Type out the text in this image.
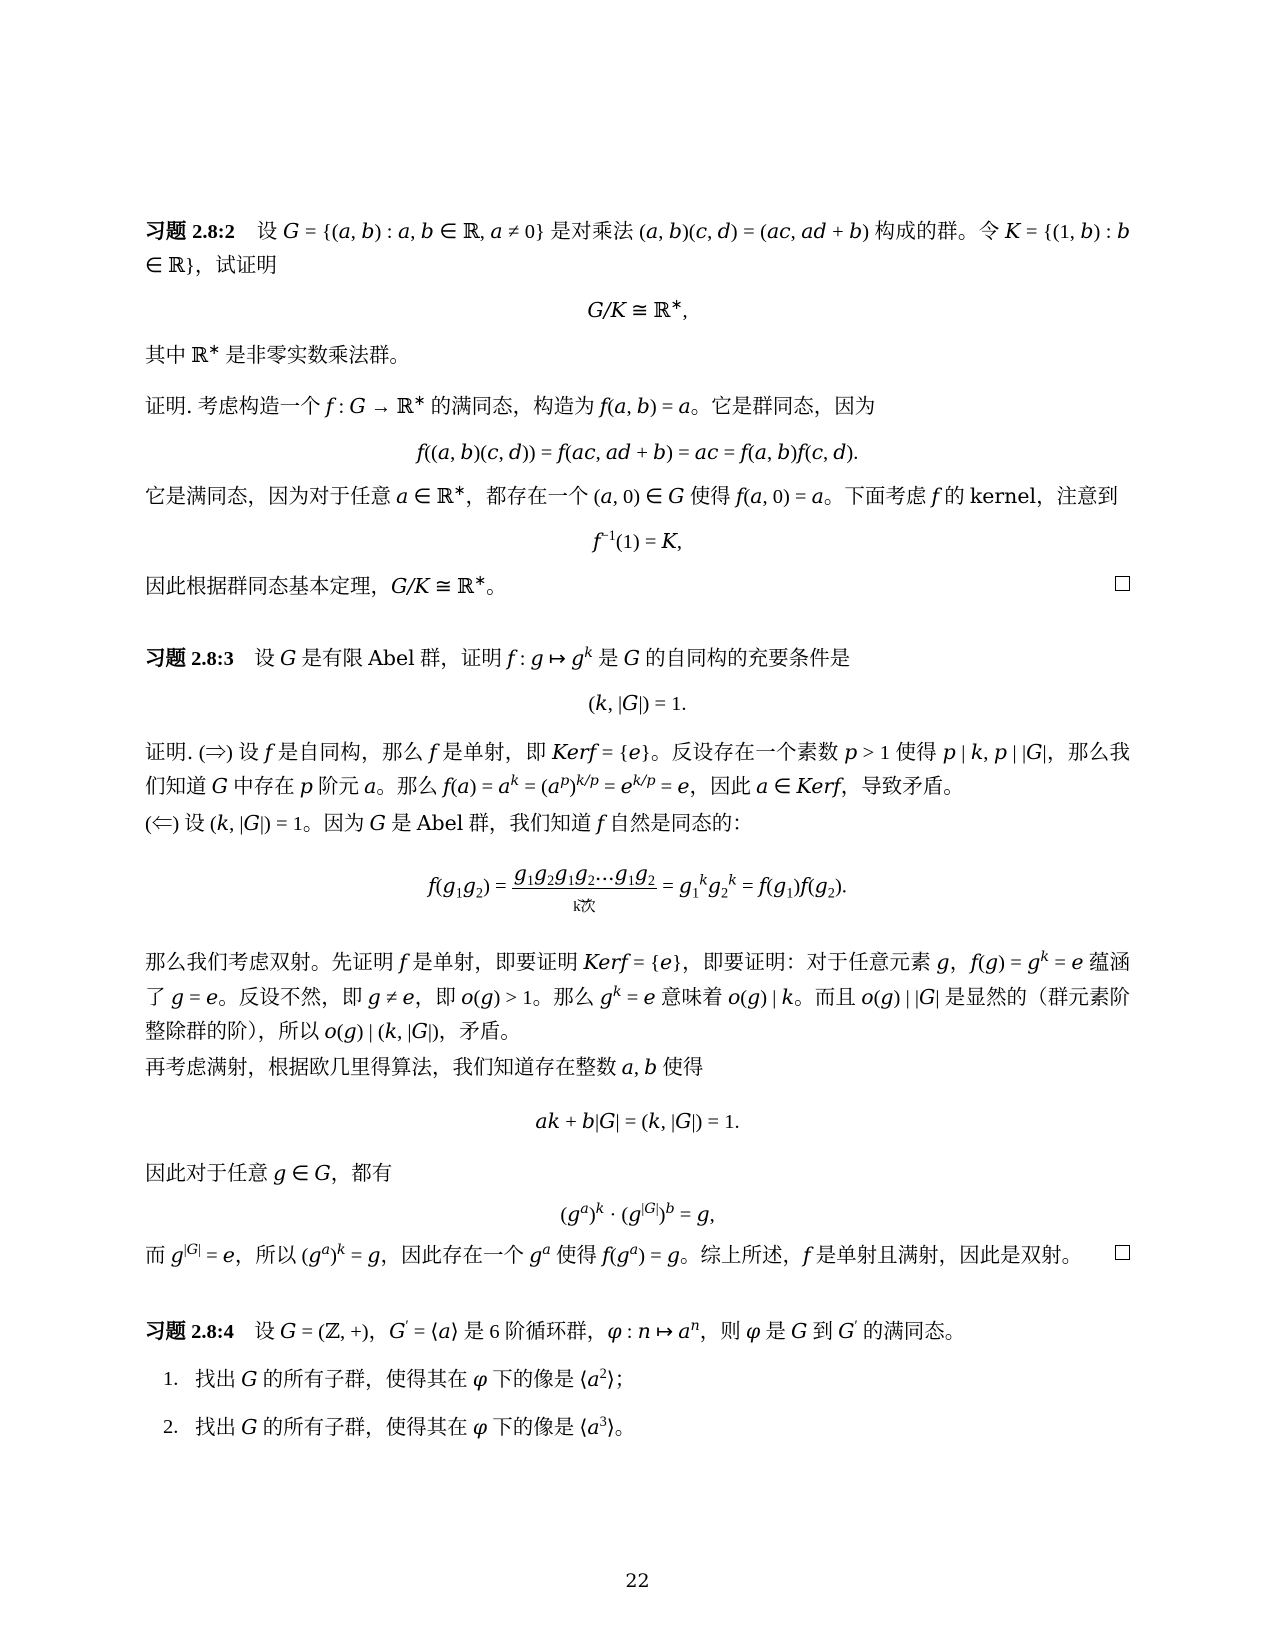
习题 2.8:2    设 G = {(a, b) : a, b ∈ ℝ, a ≠ 0} 是对乘法 (a, b)(c, d) = (ac, ad + b) 构成的群。令 K = {(1, b) : b ∈ ℝ}，试证明
G/K ≅ ℝ∗,
其中 ℝ∗ 是非零实数乘法群。
证明. 考虑构造一个 f : G → ℝ∗ 的满同态，构造为 f(a, b) = a。它是群同态，因为
f((a, b)(c, d)) = f(ac, ad + b) = ac = f(a, b)f(c, d).
它是满同态，因为对于任意 a ∈ ℝ∗，都存在一个 (a, 0) ∈ G 使得 f(a, 0) = a。下面考虑 f 的 kernel，注意到
$f^{-1}(1) = K$,
因此根据群同态基本定理，G/K ≅ ℝ∗。
习题 2.8:3    设 G 是有限 Abel 群，证明 f : g ↦ $g^k$ 是 G 的自同构的充要条件是
(k, |G|) = 1.
证明. (⇒) 设 f 是自同构，那么 f 是单射，即 Kerf = {e}。反设存在一个素数 p > 1 使得 p | k, p | |G|，那么我们知道 G 中存在 p 阶元 a。那么 $f(a) = a^k = (a^p)^{k/p} = e^{k/p} = e$，因此 a ∈ Kerf，导致矛盾。
(⇐) 设 (k, |G|) = 1。因为 G 是 Abel 群，我们知道 f 自然是同态的：
$f(g_1g_2)$ =
$g_1g_2g_1g_2...g_1g_2$
⏝
k次
= $g_1^kg_2^k = f(g_1)f(g_2)$.
那么我们考虑双射。先证明 f 是单射，即要证明 Kerf = {e}，即要证明：对于任意元素 g，$f(g) = g^k = e$ 蕴涵了 g = e。反设不然，即 g ≠ e，即 o(g) > 1。那么 $g^k = e$ 意味着 o(g) | k。而且 o(g) | |G| 是显然的（群元素阶整除群的阶），所以 o(g) | (k, |G|)，矛盾。
再考虑满射，根据欧几里得算法，我们知道存在整数 a, b 使得
ak + b|G| = (k, |G|) = 1.
因此对于任意 g ∈ G，都有
$(g^a)^k \cdot (g^{|G|})^b = g$,
而 $g^{|G|} = e$，所以 $(g^a)^k = g$，因此存在一个 $g^a$ 使得 $f(g^a) = g$。综上所述，f 是单射且满射，因此是双射。
习题 2.8:4    设 G = (ℤ, +)，G′ = ⟨a⟩ 是 6 阶循环群，φ : n ↦ $a^n$，则 φ 是 G 到 G′ 的满同态。
1. 找出 G 的所有子群，使得其在 φ 下的像是 $⟨a^2⟩$；
2. 找出 G 的所有子群，使得其在 φ 下的像是 $⟨a^3⟩$。
22
